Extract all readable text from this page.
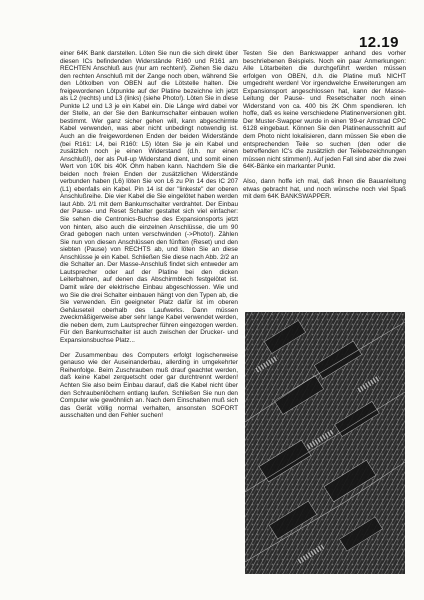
12.19

einer 64K Bank darstellen. Löten Sie nun die sich direkt über diesen ICs befindenden Widerstände R160 und R161 am RECHTEN Anschluß aus (nur am rechten!). Ziehen Sie dazu den rechten Anschluß mit der Zange noch oben, während Sie den Lötkolben von OBEN auf die Lötstelle halten. Die freigewordenen Lötpunkte auf der Platine bezeichne ich jetzt als L2 (rechts) und L3 (links) (siehe Photo!). Löten Sie in diese Punkte L2 und L3 je ein Kabel ein. Die Länge wird dabei vor der Stelle, an der Sie den Bankumschalter einbauen wollen bestimmt. Wer ganz sicher gehen will, kann abgeschirmte Kabel verwenden, was aber nicht unbedingt notwendig ist. Auch an die freigewordenen Enden der beiden Widerstände (bei R161: L4, bei R160: L5) löten Sie je ein Kabel und zusätzlich noch je einen Widerstand (d.h. nur einen Anschluß!), der als Pull-up Widerstand dient, und somit einen Wert von 10K bis 40K Ohm haben kann. Nachdem Sie die beiden noch freien Enden der zusätzlichen Widerstände verbunden haben (L6) löten Sie von L6 zu Pin 14 des IC 207 (L1) ebenfalls ein Kabel. Pin 14 ist der "linkeste" der oberen Anschlußreihe. Die vier Kabel die Sie eingelötet haben werden laut Abb. 2/1 mit dem Bankumschalter verdrahtet. Der Einbau der Pause- und Reset Schalter gestaltet sich viel einfacher: Sie sehen die Centronics-Buchse des Expansionsports jetzt von hinten, also auch die einzelnen Anschlüsse, die um 90 Grad gebogen nach unten verschwinden (->Photo!). Zählen Sie nun von diesen Anschlüssen den fünften (Reset) und den siebten (Pause) von RECHTS ab, und löten Sie an diese Anschlüsse je ein Kabel. Schließen Sie diese nach Abb. 2/2 an die Schalter an. Der Masse-Anschluß findet sich entweder am Lautsprecher oder auf der Platine bei den dicken Leiterbahnen, auf denen das Abschirmblech festgelötet ist. Damit wäre der elektrische Einbau abgeschlossen. Wie und wo Sie die drei Schalter einbauen hängt von den Typen ab, die Sie verwenden. Ein geeigneter Platz dafür ist im oberen Gehäuseteil oberhalb des Laufwerks. Dann müssen zweckmäßigerweise aber sehr lange Kabel verwendet werden, die neben dem, zum Lautsprecher führen eingezogen werden. Für den Bankumschalter ist auch zwischen der Drucker- und Expansionsbuchse Platz...

Der Zusammenbau des Computers erfolgt logischerweise genauso wie der Auseinanderbau, allerding in umgekehrter Reihenfolge. Beim Zuschrauben muß drauf geachtet werden, daß keine Kabel zerquetscht oder gar durchtrennt werden! Achten Sie also beim Einbau darauf, daß die Kabel nicht über den Schraubenlöchern entlang laufen. Schließen Sie nun den Computer wie gewöhnlich an. Nach dem Einschalten muß sich das Gerät völlig normal verhalten, ansonsten SOFORT ausschalten und den Fehler suchen!

Testen Sie den Bankswapper anhand des vorher beschriebenen Beispiels. Noch ein paar Anmerkungen: Alle Lötarbeiten die durchgeführt werden müssen erfolgen von OBEN, d.h. die Platine muß NICHT umgedreht werden! Vor irgendwelche Erweiterungen am Expansionsport angeschlossen hat, kann der Masse-Leitung der Pause- und Resetschalter noch einen Widerstand von ca. 400 bis 2K Ohm spendieren. Ich hoffe, daß es keine verschiedene Platinenversionen gibt. Der Muster-Swapper wurde in einen '89-er Amstrad CPC 6128 eingebaut. Können Sie den Platinenausschnitt auf dem Photo nicht lokalisieren, dann müssen Sie eben die entsprechenden Teile so suchen (den oder die betreffenden IC's die zusätzlich der Teilebezeichnungen müssen nicht stimmen!). Auf jeden Fall sind aber die zwei 64K-Bänke ein markanter Punkt.

Also, dann hoffe ich mal, daß ihnen die Bauanleitung etwas gebracht hat, und noch wünsche noch viel Spaß mit dem 64K BANKSWAPPER.
